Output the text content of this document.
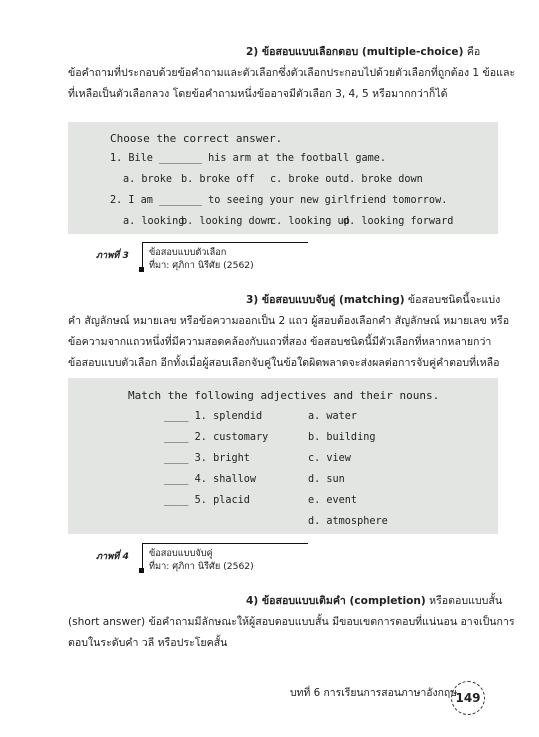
2) ข้อสอบแบบเลือกตอบ (multiple-choice) คือ
ข้อคำถามที่ประกอบด้วยข้อคำถามและตัวเลือกซึ่งตัวเลือกประกอบไปด้วยตัวเลือกที่ถูกต้อง 1 ข้อและ
ที่เหลือเป็นตัวเลือกลวง โดยข้อคำถามหนึ่งข้ออาจมีตัวเลือก 3, 4, 5 หรือมากกว่าก็ได้
Choose the correct answer.
1. Bile _______ his arm at the football game.
a. broke b. broke off c. broke out d. broke down
2. I am _______ to seeing your new girlfriend tomorrow.
a. looking
b. looking down
c. looking up
d. looking forward
ภาพที่ 3 ข้อสอบแบบตัวเลือก
ที่มา: ศุภิกา นิรีศัย (2562)
3) ข้อสอบแบบจับคู่ (matching) ข้อสอบชนิดนี้จะแบ่ง
คำ สัญลักษณ์ หมายเลข หรือข้อความออกเป็น 2 แถว ผู้สอบต้องเลือกคำ สัญลักษณ์ หมายเลข หรือ
ข้อความจากแถวหนึ่งที่มีความสอดคล้องกับแถวที่สอง ข้อสอบชนิดนี้มีตัวเลือกที่หลากหลายกว่า
ข้อสอบแบบตัวเลือก อีกทั้งเมื่อผู้สอบเลือกจับคู่ในข้อใดผิดพลาดจะส่งผลต่อการจับคู่คำตอบที่เหลือ
Match the following adjectives and their nouns.
____ 1. splendid
____ 2. customary
____ 3. bright
____ 4. shallow
____ 5. placid
a. water
b. building
c. view
d. sun
e. event
d. atmosphere
ภาพที่ 4 ข้อสอบแบบจับคู่
ที่มา: ศุภิกา นิรีศัย (2562)
4) ข้อสอบแบบเติมคำ (completion) หรือตอบแบบสั้น
(short answer) ข้อคำถามมีลักษณะให้ผู้สอบตอบแบบสั้น มีขอบเขตการตอบที่แน่นอน อาจเป็นการ
ตอบในระดับคำ วลี หรือประโยคสั้น
บทที่ 6 การเรียนการสอนภาษาอังกฤษ
149
